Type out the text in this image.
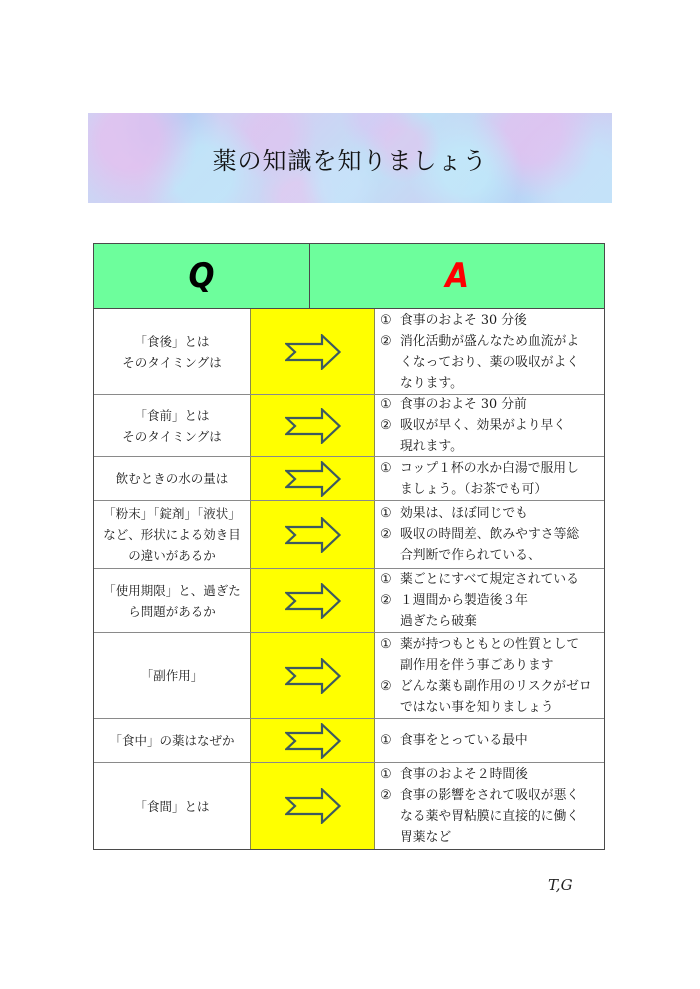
薬の知識を知りましょう
Q	A
「食後」とは
そのタイミングは
① 食事のおよそ 30 分後
② 消化活動が盛んなため血流がよ
くなっており、薬の吸収がよく
なります。
「食前」とは
そのタイミングは
① 食事のおよそ 30 分前
② 吸収が早く、効果がより早く
現れます。
飲むときの水の量は
① コップ１杯の水か白湯で服用し
ましょう。（お茶でも可）
「粉末」「錠剤」「液状」
など、形状による効き目
の違いがあるか
① 効果は、ほぼ同じでも
② 吸収の時間差、飲みやすさ等総
合判断で作られている、
「使用期限」と、過ぎた
ら問題があるか
① 薬ごとにすべて規定されている
② １週間から製造後３年
過ぎたら破棄
「副作用」
① 薬が持つもともとの性質として
副作用を伴う事ごあります
② どんな薬も副作用のリスクがゼロ
ではない事を知りましょう
「食中」の薬はなぜか	① 食事をとっている最中
「食間」とは
① 食事のおよそ２時間後
② 食事の影響をされて吸収が悪く
なる薬や胃粘膜に直接的に働く
胃薬など
T,G
